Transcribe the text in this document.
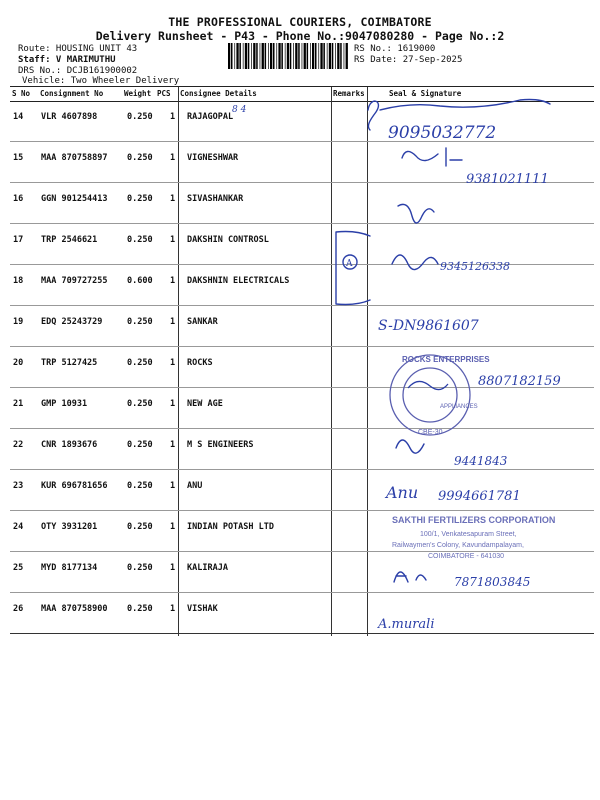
THE PROFESSIONAL COURIERS, COIMBATORE
Delivery Runsheet - P43 - Phone No.:9047080280 - Page No.:2
Route: HOUSING UNIT 43
Staff: V MARIMUTHU
DRS No.: DCJB161900002
Vehicle: Two Wheeler Delivery
RS No.: 1619000
RS Date: 27-Sep-2025
S No Consignment No	Weight PCS Consignee Details	Remarks	Seal & Signature
14 VLR 4607898	0.250 1 RAJAGOPAL
15 MAA 870758897 0.250 1 VIGNESHWAR
16 GGN 901254413 0.250 1 SIVASHANKAR
17 TRP 2546621	0.250 1 DAKSHIN CONTROSL
18 MAA 709727255 0.600 1 DAKSHNIN ELECTRICALS
19 EDQ 25243729	0.250 1 SANKAR
20 TRP 5127425	0.250 1 ROCKS
21 GMP 10931	0.250 1 NEW AGE
22 CNR 1893676	0.250 1 M S ENGINEERS
23 KUR 696781656 0.250 1 ANU
24 OTY 3931201	0.250 1 INDIAN POTASH LTD
25 MYD 8177134	0.250 1 KALIRAJA
26 MAA 870758900 0.250 1 VISHAK
8 4
9095032772
9381021111
A	9345126338
S-DN9861607
8807182159
9441843
Anu 9994661781
7871803845
A.murali
ROCKS ENTERPRISES
APPLIANCES
CBE-30
SAKTHI FERTILIZERS CORPORATION
100/1, Venkatesapuram Street,
Railwaymen's Colony, Kavundampalayam,
COIMBATORE - 641030
